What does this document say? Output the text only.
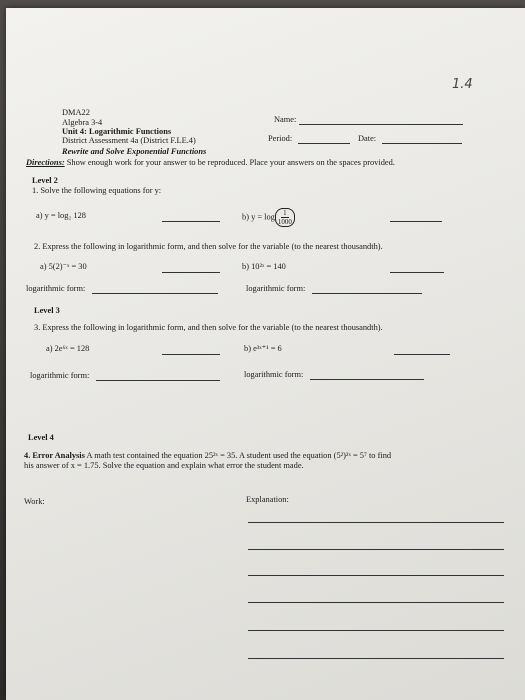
1.4
DMA22
Algebra 3-4
Unit 4: Logarithmic Functions
District Assessment 4a (District F.LE.4)
Rewrite and Solve Exponential Functions
Name:
Period:	Date:
Directions: Show enough work for your answer to be reproduced. Place your answers on the spaces provided.
Level 2
1. Solve the following equations for y:
a) y = log₂ 128	b) $y = \log \frac{1}{1000}$
2. Express the following in logarithmic form, and then solve for the variable (to the nearest thousandth).
a) 5(2)⁻ˣ = 30	b) 10²ˣ = 140
logarithmic form:	logarithmic form:
Level 3
3. Express the following in logarithmic form, and then solve for the variable (to the nearest thousandth).
a) 2e⁶ˣ = 128	b) e³ˣ⁺¹ = 6
logarithmic form:	logarithmic form:
Level 4
4. Error Analysis A math test contained the equation 25²ˣ = 35. A student used the equation (5²)²ˣ = 5⁷ to find
his answer of x = 1.75. Solve the equation and explain what error the student made.
Work:	Explanation:
